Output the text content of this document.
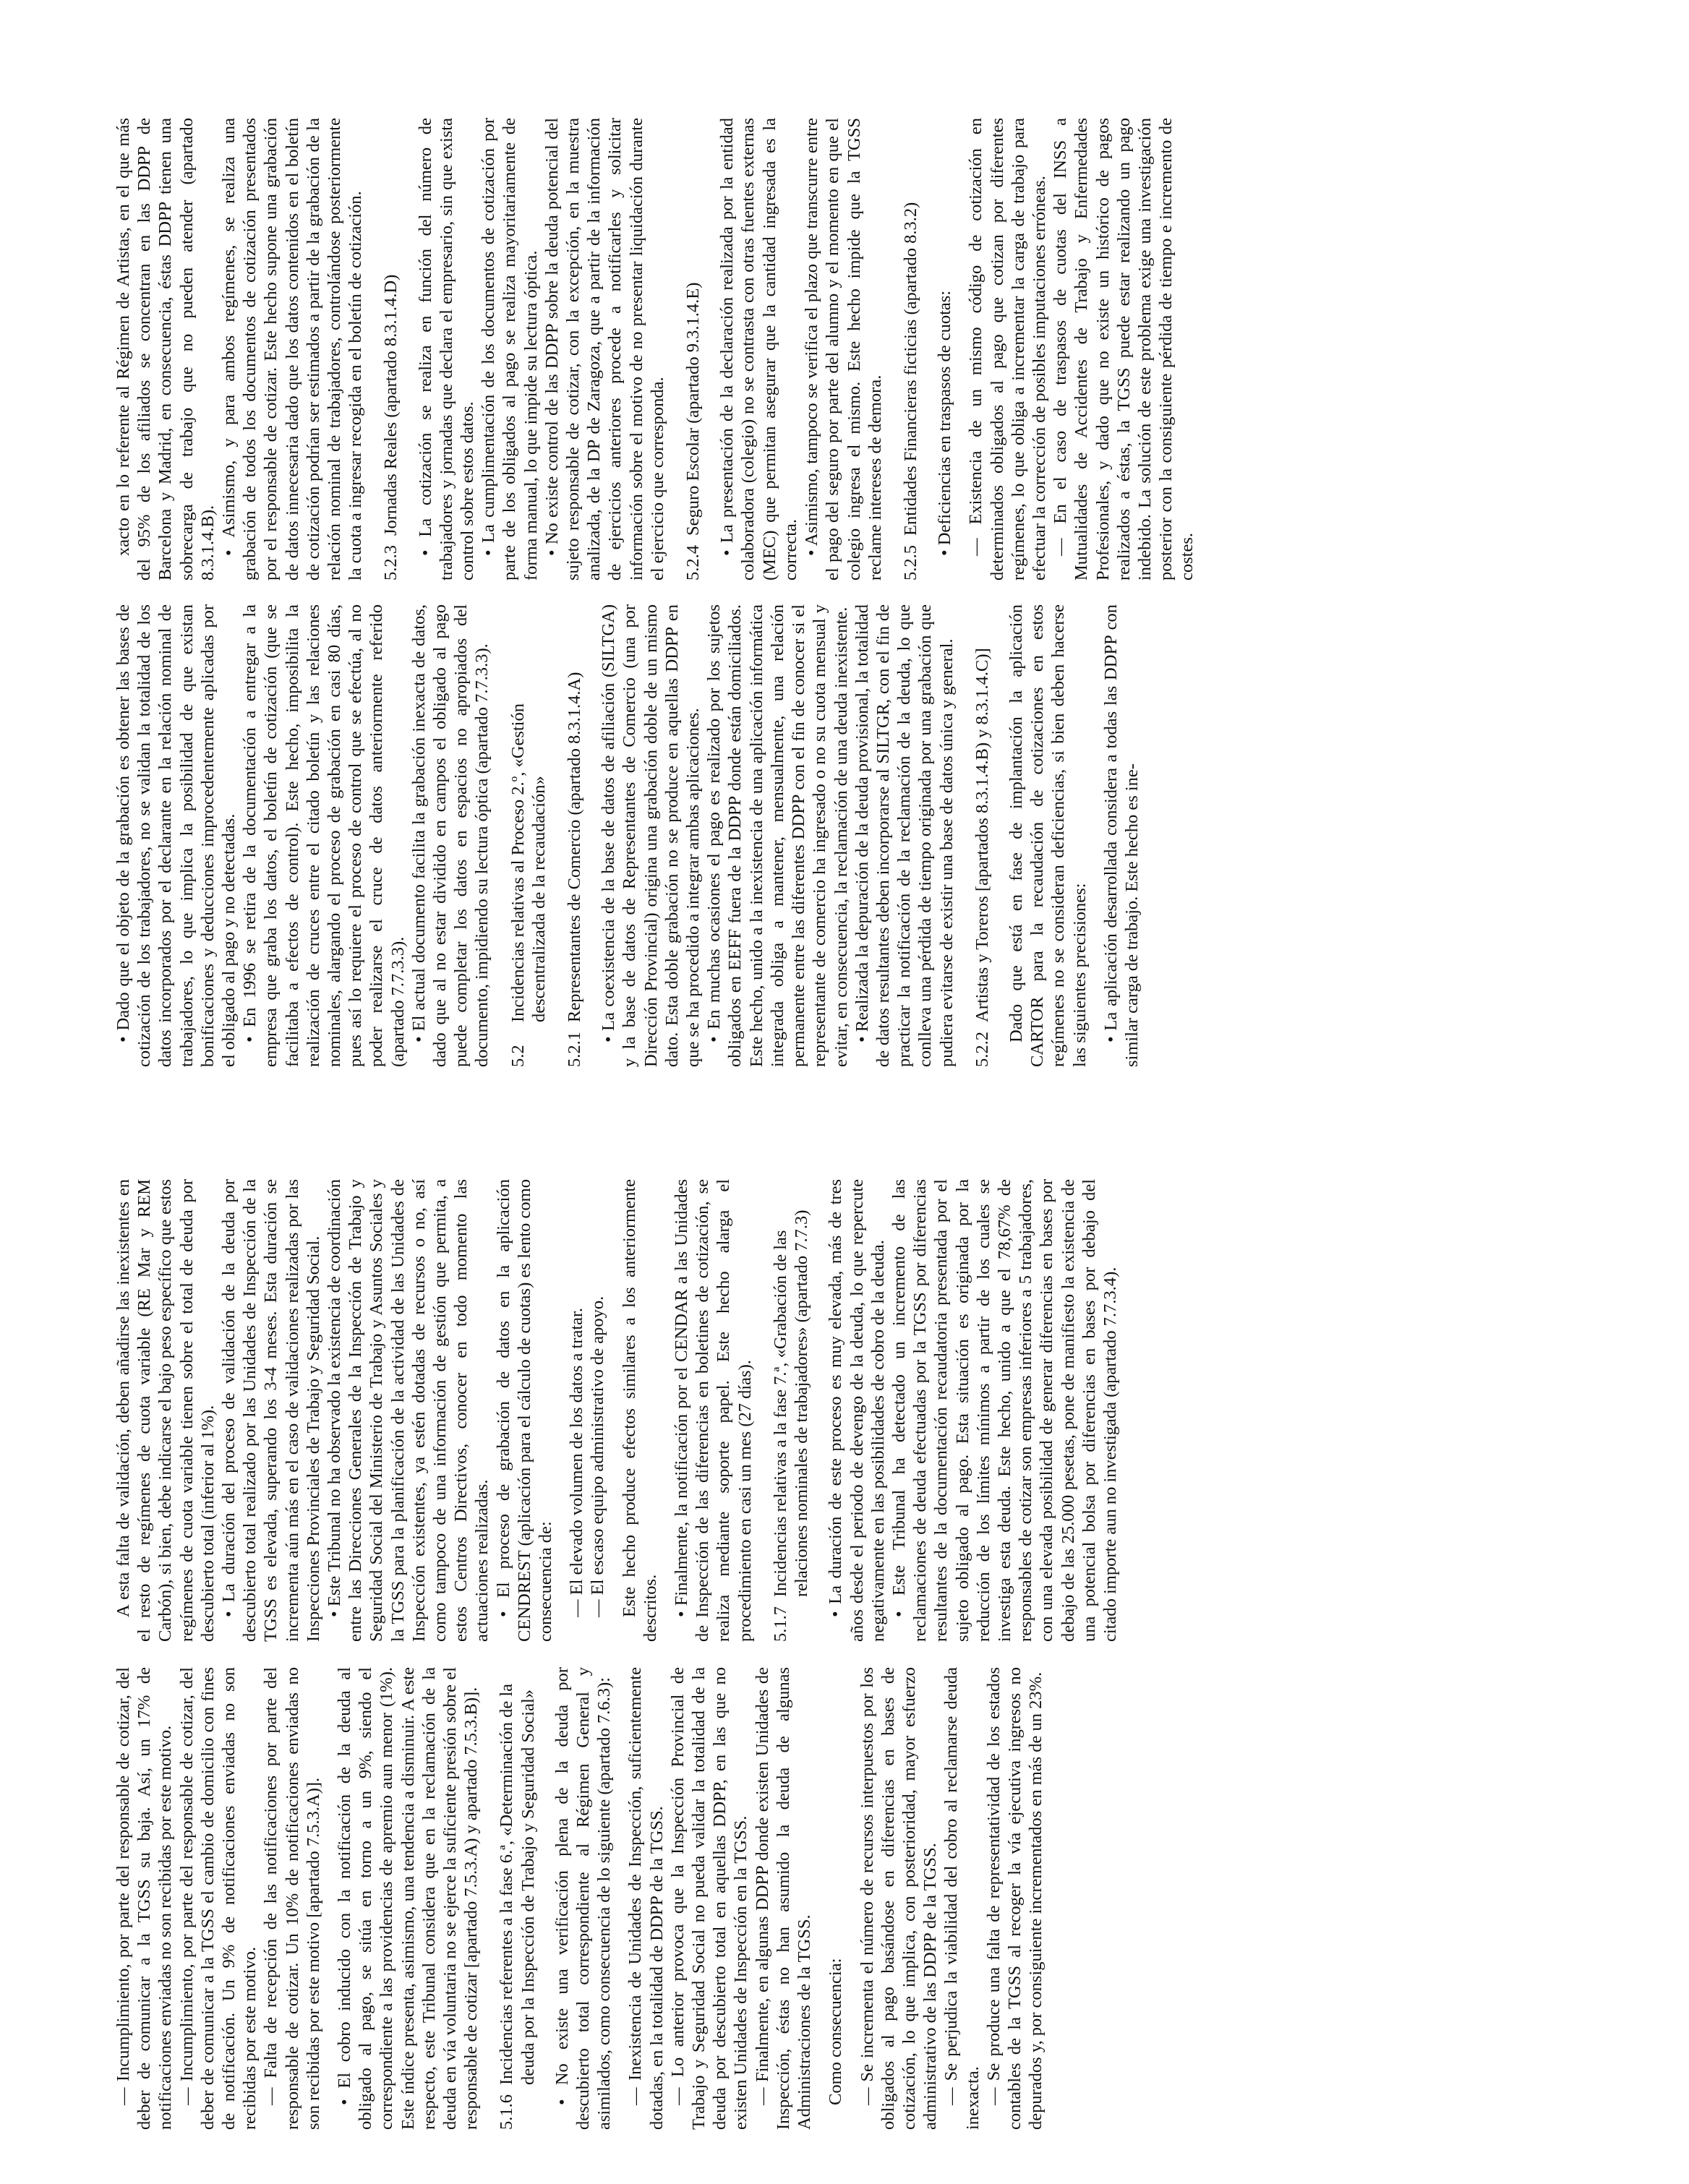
— Incumplimiento, por parte del responsable de cotizar, del deber de comunicar a la TGSS su baja. Así, un 17% de notificaciones enviadas no son recibidas por este motivo. — Incumplimiento, por parte del responsable de cotizar, del deber de comunicar a la TGSS el cambio de domicilio con fines de notificación. Un 9% de notificaciones enviadas no son recibidas por este motivo. — Falta de recepción de las notificaciones por parte del responsable de cotizar. Un 10% de notificaciones enviadas no son recibidas por este motivo [apartado 7.5.3.A)]. • El cobro inducido con la notificación de la deuda al obligado al pago, se sitúa en torno a un 9%, siendo el correspondiente a las providencias de apremio aun menor (1%). Este índice presenta, asimismo, una tendencia a disminuir. A este respecto, este Tribunal considera que en la reclamación de la deuda en vía voluntaria no se ejerce la suficiente presión sobre el responsable de cotizar [apartado 7.5.3.A) y apartado 7.5.3.B)]. 5.1.6Incidencias referentes a la fase 6.ª, «Determinación de la deuda por la Inspección de Trabajo y Seguridad Social» • No existe una verificación plena de la deuda por descubierto total correspondiente al Régimen General y asimilados, como consecuencia de lo siguiente (apartado 7.6.3): — Inexistencia de Unidades de Inspección, suficientemente dotadas, en la totalidad de DDPP de la TGSS. — Lo anterior provoca que la Inspección Provincial de Trabajo y Seguridad Social no pueda validar la totalidad de la deuda por descubierto total en aquellas DDPP, en las que no existen Unidades de Inspección en la TGSS. — Finalmente, en algunas DDPP donde existen Unidades de Inspección, éstas no han asumido la deuda de algunas Administraciones de la TGSS. Como consecuencia: — Se incrementa el número de recursos interpuestos por los obligados al pago basándose en diferencias en bases de cotización, lo que implica, con posterioridad, mayor esfuerzo administrativo de las DDPP de la TGSS. — Se perjudica la viabilidad del cobro al reclamarse deuda inexacta. — Se produce una falta de representatividad de los estados contables de la TGSS al recoger la vía ejecutiva ingresos no depurados y, por consiguiente incrementados en más de un 23%.

A esta falta de validación, deben añadirse las inexistentes en el resto de regímenes de cuota variable (RE Mar y REM Carbón), si bien, debe indicarse el bajo peso específico que estos regímenes de cuota variable tienen sobre el total de deuda por descubierto total (inferior al 1%). • La duración del proceso de validación de la deuda por descubierto total realizado por las Unidades de Inspección de la TGSS es elevada, superando los 3-4 meses. Esta duración se incrementa aún más en el caso de validaciones realizadas por las Inspecciones Provinciales de Trabajo y Seguridad Social. • Este Tribunal no ha observado la existencia de coordinación entre las Direcciones Generales de la Inspección de Trabajo y Seguridad Social del Ministerio de Trabajo y Asuntos Sociales y la TGSS para la planificación de la actividad de las Unidades de Inspección existentes, ya estén dotadas de recursos o no, así como tampoco de una información de gestión que permita, a estos Centros Directivos, conocer en todo momento las actuaciones realizadas. • El proceso de grabación de datos en la aplicación CENDREST (aplicación para el cálculo de cuotas) es lento como consecuencia de: — El elevado volumen de los datos a tratar. — El escaso equipo administrativo de apoyo. Este hecho produce efectos similares a los anteriormente descritos. • Finalmente, la notificación por el CENDAR a las Unidades de Inspección de las diferencias en boletines de cotización, se realiza mediante soporte papel. Este hecho alarga el procedimiento en casi un mes (27 días). 5.1.7Incidencias relativas a la fase 7.ª, «Grabación de las relaciones nominales de trabajadores» (apartado 7.7.3) • La duración de este proceso es muy elevada, más de tres años desde el periodo de devengo de la deuda, lo que repercute negativamente en las posibilidades de cobro de la deuda. • Este Tribunal ha detectado un incremento de las reclamaciones de deuda efectuadas por la TGSS por diferencias resultantes de la documentación recaudatoria presentada por el sujeto obligado al pago. Esta situación es originada por la reducción de los límites mínimos a partir de los cuales se investiga esta deuda. Este hecho, unido a que el 78,67% de responsables de cotizar son empresas inferiores a 5 trabajadores, con una elevada posibilidad de generar diferencias en bases por debajo de las 25.000 pesetas, pone de manifiesto la existencia de una potencial bolsa por diferencias en bases por debajo del citado importe aun no investigada (apartado 7.7.3.4).

• Dado que el objeto de la grabación es obtener las bases de cotización de los trabajadores, no se validan la totalidad de los datos incorporados por el declarante en la relación nominal de trabajadores, lo que implica la posibilidad de que existan bonificaciones y deducciones improcedentemente aplicadas por el obligado al pago y no detectadas. • En 1996 se retira de la documentación a entregar a la empresa que graba los datos, el boletín de cotización (que se facilitaba a efectos de control). Este hecho, imposibilita la realización de cruces entre el citado boletín y las relaciones nominales, alargando el proceso de grabación en casi 80 días, pues así lo requiere el proceso de control que se efectúa, al no poder realizarse el cruce de datos anteriormente referido (apartado 7.7.3.3). • El actual documento facilita la grabación inexacta de datos, dado que al no estar dividido en campos el obligado al pago puede completar los datos en espacios no apropiados del documento, impidiendo su lectura óptica (apartado 7.7.3.3). 5.2Incidencias relativas al Proceso 2.º, «Gestión descentralizada de la recaudación»
5.2.1Representantes de Comercio (apartado 8.3.1.4.A) • La coexistencia de la base de datos de afiliación (SILTGA) y la base de datos de Representantes de Comercio (una por Dirección Provincial) origina una grabación doble de un mismo dato. Esta doble grabación no se produce en aquellas DDPP en que se ha procedido a integrar ambas aplicaciones. • En muchas ocasiones el pago es realizado por los sujetos obligados en EEFF fuera de la DDPP donde están domiciliados. Este hecho, unido a la inexistencia de una aplicación informática integrada obliga a mantener, mensualmente, una relación permanente entre las diferentes DDPP con el fin de conocer si el representante de comercio ha ingresado o no su cuota mensual y evitar, en consecuencia, la reclamación de una deuda inexistente. • Realizada la depuración de la deuda provisional, la totalidad de datos resultantes deben incorporarse al SILTGR, con el fin de practicar la notificación de la reclamación de la deuda, lo que conlleva una pérdida de tiempo originada por una grabación que pudiera evitarse de existir una base de datos única y general. 5.2.2Artistas y Toreros [apartados 8.3.1.4.B) y 8.3.1.4.C)] Dado que está en fase de implantación la aplicación CARTOR para la recaudación de cotizaciones en estos regímenes no se consideran deficiencias, si bien deben hacerse las siguientes precisiones: • La aplicación desarrollada considera a todas las DDPP con similar carga de trabajo. Este hecho es ine-

xacto en lo referente al Régimen de Artistas, en el que más del 95% de los afiliados se concentran en las DDPP de Barcelona y Madrid, en consecuencia, éstas DDPP tienen una sobrecarga de trabajo que no pueden atender (apartado 8.3.1.4.B). • Asimismo, y para ambos regímenes, se realiza una grabación de todos los documentos de cotización presentados por el responsable de cotizar. Este hecho supone una grabación de datos innecesaria dado que los datos contenidos en el boletín de cotización podrían ser estimados a partir de la grabación de la relación nominal de trabajadores, controlándose posteriormente la cuota a ingresar recogida en el boletín de cotización. 5.2.3Jornadas Reales (apartado 8.3.1.4.D) • La cotización se realiza en función del número de trabajadores y jornadas que declara el empresario, sin que exista control sobre estos datos. • La cumplimentación de los documentos de cotización por parte de los obligados al pago se realiza mayoritariamente de forma manual, lo que impide su lectura óptica. • No existe control de las DDPP sobre la deuda potencial del sujeto responsable de cotizar, con la excepción, en la muestra analizada, de la DP de Zaragoza, que a partir de la información de ejercicios anteriores procede a notificarles y solicitar información sobre el motivo de no presentar liquidación durante el ejercicio que corresponda. 5.2.4Seguro Escolar (apartado 9.3.1.4.E) • La presentación de la declaración realizada por la entidad colaboradora (colegio) no se contrasta con otras fuentes externas (MEC) que permitan asegurar que la cantidad ingresada es la correcta. • Asimismo, tampoco se verifica el plazo que transcurre entre el pago del seguro por parte del alumno y el momento en que el colegio ingresa el mismo. Este hecho impide que la TGSS reclame intereses de demora. 5.2.5Entidades Financieras ficticias (apartado 8.3.2) • Deficiencias en traspasos de cuotas: — Existencia de un mismo código de cotización en determinados obligados al pago que cotizan por diferentes regímenes, lo que obliga a incrementar la carga de trabajo para efectuar la corrección de posibles imputaciones erróneas. — En el caso de traspasos de cuotas del INSS a Mutualidades de Accidentes de Trabajo y Enfermedades Profesionales, y dado que no existe un histórico de pagos realizados a éstas, la TGSS puede estar realizando un pago indebido. La solución de este problema exige una investigación posterior con la consiguiente pérdida de tiempo e incremento de costes.
